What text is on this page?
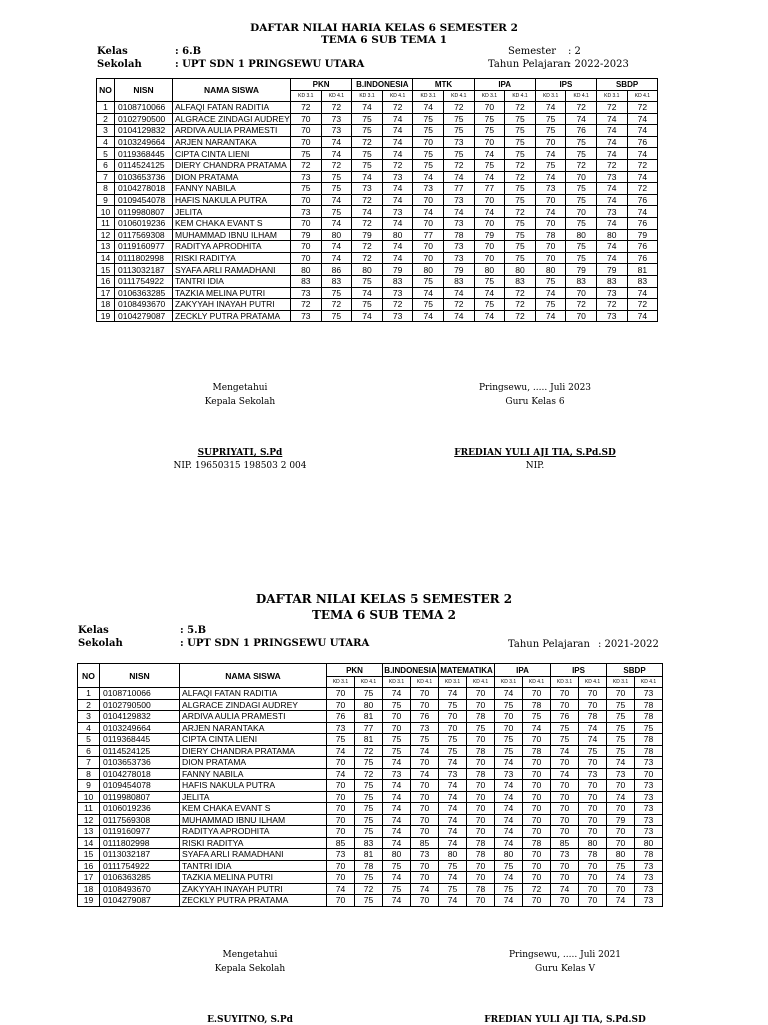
DAFTAR NILAI HARIA KELAS 6 SEMESTER 2
TEMA 6 SUB TEMA 1
Kelas	: 6.B
Sekolah	: UPT SDN 1 PRINGSEWU UTARA
Semester : 2
Tahun Pelajaran
: 2022-2023
NO	NISN	NAMA SISWA	PKN		B.INDONESIA		MTK		IPA		IPS		SBDP	
			KD 3.1	KD 4.1	KD 3.1	KD 4.1	KD 3.1	KD 4.1	KD 3.1	KD 4.1	KD 3.1	KD 4.1	KD 3.1	KD 4.1
1	0108710066	ALFAQI FATAN RADITIA	72	72	74	72	74	72	70	72	74	72	72	72
2	0102790500	ALGRACE ZINDAGI AUDREY	70	73	75	74	75	75	75	75	75	74	74	74
3	0104129832	ARDIVA AULIA PRAMESTI	70	73	75	74	75	75	75	75	75	76	74	74
4	0103249664	ARJEN NARANTAKA	70	74	72	74	70	73	70	75	70	75	74	76
5	0119368445	CIPTA CINTA LIENI	75	74	75	74	75	75	74	75	74	75	74	74
6	0114524125	DIERY CHANDRA PRATAMA	72	72	75	72	75	72	75	72	75	72	72	72
7	0103653736	DION PRATAMA	73	75	74	73	74	74	74	72	74	70	73	74
8	0104278018	FANNY NABILA	75	75	73	74	73	77	77	75	73	75	74	72
9	0109454078	HAFIS NAKULA PUTRA	70	74	72	74	70	73	70	75	70	75	74	76
10	0119980807	JELITA	73	75	74	73	74	74	74	72	74	70	73	74
11	0106019236	KEM CHAKA EVANT S	70	74	72	74	70	73	70	75	70	75	74	76
12	0117569308	MUHAMMAD IBNU ILHAM	79	80	79	80	77	78	79	75	78	80	80	79
13	0119160977	RADITYA APRODHITA	70	74	72	74	70	73	70	75	70	75	74	76
14	0111802998	RISKI RADITYA	70	74	72	74	70	73	70	75	70	75	74	76
15	0113032187	SYAFA ARLI RAMADHANI	80	86	80	79	80	79	80	80	80	79	79	81
16	0111754922	TANTRI IDIA	83	83	75	83	75	83	75	83	75	83	83	83
17	0106363285	TAZKIA MELINA PUTRI	73	75	74	73	74	74	74	72	74	70	73	74
18	0108493670	ZAKYYAH INAYAH PUTRI	72	72	75	72	75	72	75	72	75	72	72	72
19	0104279087	ZECKLY PUTRA PRATAMA	73	75	74	73	74	74	74	72	74	70	73	74
Mengetahui
Kepala Sekolah
SUPRIYATI, S.Pd
NIP. 19650315 198503 2 004
Pringsewu, ..... Juli 2023
Guru Kelas 6
FREDIAN YULI AJI TIA, S.Pd.SD
NIP.
DAFTAR NILAI KELAS 5 SEMESTER 2
TEMA 6 SUB TEMA 2
Kelas	: 5.B
Sekolah	: UPT SDN 1 PRINGSEWU UTARA	Tahun Pelajaran : 2021-2022
NO	NISN	NAMA SISWA	PKN		B.INDONESIA		MATEMATIKA		IPA		IPS		SBDP	
			KD 3.1	KD 4.1	KD 3.1	KD 4.1	KD 3.1	KD 4.1	KD 3.1	KD 4.1	KD 3.1	KD 4.1	KD 3.1	KD 4.1
1	0108710066	ALFAQI FATAN RADITIA	70	75	74	70	74	70	74	70	70	70	70	73
2	0102790500	ALGRACE ZINDAGI AUDREY	70	80	75	70	75	70	75	78	70	70	75	78
3	0104129832	ARDIVA AULIA PRAMESTI	76	81	70	76	70	78	70	75	76	78	75	78
4	0103249664	ARJEN NARANTAKA	73	77	70	73	70	75	70	74	75	74	75	75
5	0119368445	CIPTA CINTA LIENI	75	81	75	75	75	70	75	70	75	74	75	78
6	0114524125	DIERY CHANDRA PRATAMA	74	72	75	74	75	78	75	78	74	75	75	78
7	0103653736	DION PRATAMA	70	75	74	70	74	70	74	70	70	70	74	73
8	0104278018	FANNY NABILA	74	72	73	74	73	78	73	70	74	73	73	70
9	0109454078	HAFIS NAKULA PUTRA	70	75	74	70	74	70	74	70	70	70	70	73
10	0119980807	JELITA	70	75	74	70	74	70	74	70	70	70	74	73
11	0106019236	KEM CHAKA EVANT S	70	75	74	70	74	70	74	70	70	70	70	73
12	0117569308	MUHAMMAD IBNU ILHAM	70	75	74	70	74	70	74	70	70	70	79	73
13	0119160977	RADITYA APRODHITA	70	75	74	70	74	70	74	70	70	70	70	73
14	0111802998	RISKI RADITYA	85	83	74	85	74	78	74	78	85	80	70	80
15	0113032187	SYAFA ARLI RAMADHANI	73	81	80	73	80	78	80	70	73	78	80	78
16	0111754922	TANTRI IDIA	70	78	75	70	75	70	75	70	70	70	75	73
17	0106363285	TAZKIA MELINA PUTRI	70	75	74	70	74	70	74	70	70	70	74	73
18	0108493670	ZAKYYAH INAYAH PUTRI	74	72	75	74	75	78	75	72	74	70	70	73
19	0104279087	ZECKLY PUTRA PRATAMA	70	75	74	70	74	70	74	70	70	70	74	73
Mengetahui
Kepala Sekolah
E.SUYITNO, S.Pd
Pringsewu, ..... Juli 2021
Guru Kelas V
FREDIAN YULI AJI TIA, S.Pd.SD
